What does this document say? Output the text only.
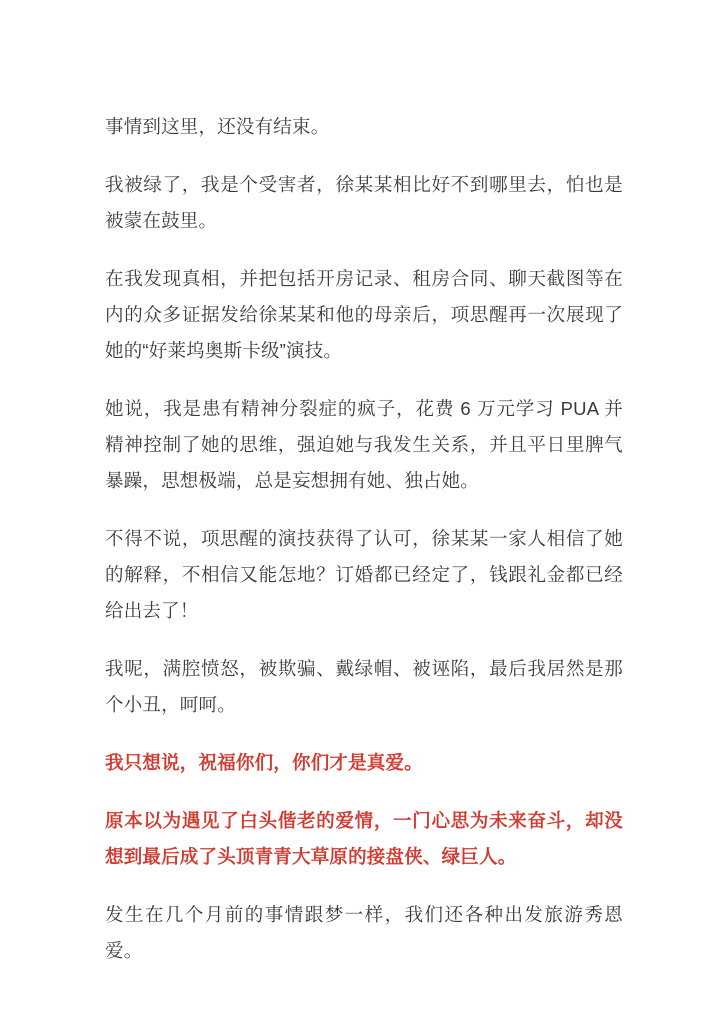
事情到这里，还没有结束。

我被绿了，我是个受害者，徐某某相比好不到哪里去，怕也是被蒙在鼓里。

在我发现真相，并把包括开房记录、租房合同、聊天截图等在内的众多证据发给徐某某和他的母亲后，项思醒再一次展现了她的“好莱坞奥斯卡级”演技。

她说，我是患有精神分裂症的疯子，花费 6 万元学习 PUA 并精神控制了她的思维，强迫她与我发生关系，并且平日里脾气暴躁，思想极端，总是妄想拥有她、独占她。

不得不说，项思醒的演技获得了认可，徐某某一家人相信了她的解释，不相信又能怎地？订婚都已经定了，钱跟礼金都已经给出去了！

我呢，满腔愤怒，被欺骗、戴绿帽、被诬陷，最后我居然是那个小丑，呵呵。

我只想说，祝福你们，你们才是真爱。

原本以为遇见了白头偕老的爱情，一门心思为未来奋斗，却没想到最后成了头顶青青大草原的接盘侠、绿巨人。

发生在几个月前的事情跟梦一样，我们还各种出发旅游秀恩爱。
